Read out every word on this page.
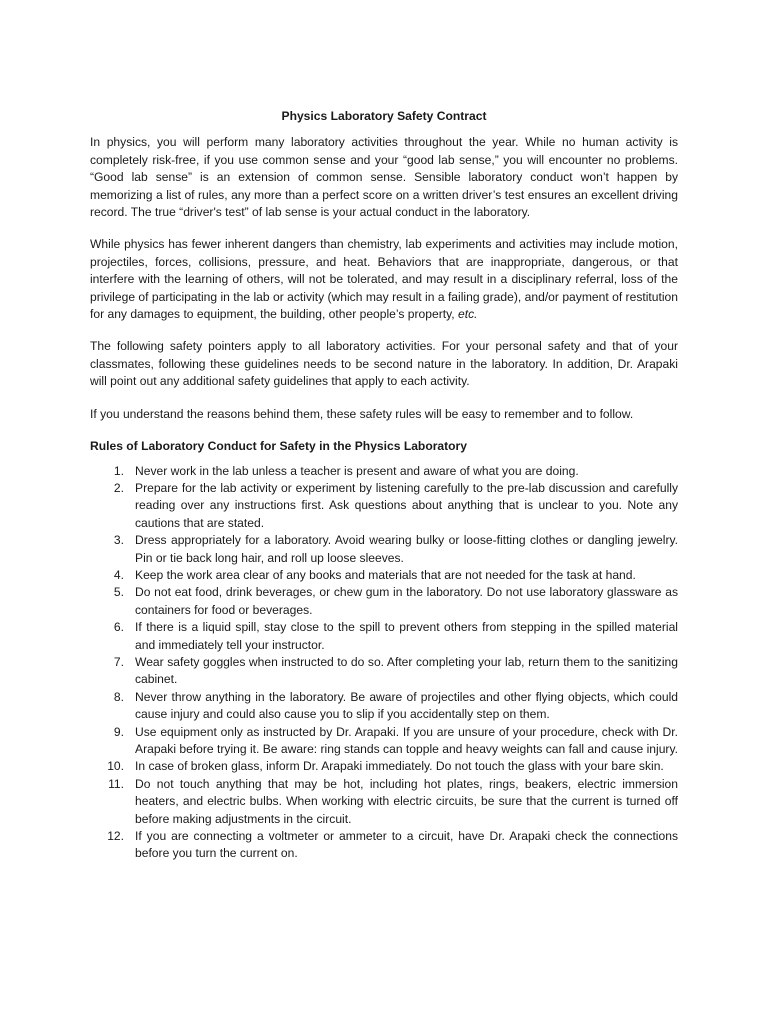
Physics Laboratory Safety Contract

In physics, you will perform many laboratory activities throughout the year. While no human activity is completely risk-free, if you use common sense and your “good lab sense,” you will encounter no problems. “Good lab sense” is an extension of common sense. Sensible laboratory conduct won’t happen by memorizing a list of rules, any more than a perfect score on a written driver’s test ensures an excellent driving record. The true “driver's test” of lab sense is your actual conduct in the laboratory.

While physics has fewer inherent dangers than chemistry, lab experiments and activities may include motion, projectiles, forces, collisions, pressure, and heat. Behaviors that are inappropriate, dangerous, or that interfere with the learning of others, will not be tolerated, and may result in a disciplinary referral, loss of the privilege of participating in the lab or activity (which may result in a failing grade), and/or payment of restitution for any damages to equipment, the building, other people’s property, etc.

The following safety pointers apply to all laboratory activities. For your personal safety and that of your classmates, following these guidelines needs to be second nature in the laboratory. In addition, Dr. Arapaki will point out any additional safety guidelines that apply to each activity.

If you understand the reasons behind them, these safety rules will be easy to remember and to follow.

Rules of Laboratory Conduct for Safety in the Physics Laboratory
1. Never work in the lab unless a teacher is present and aware of what you are doing.
2. Prepare for the lab activity or experiment by listening carefully to the pre-lab discussion and carefully reading over any instructions first. Ask questions about anything that is unclear to you. Note any cautions that are stated.
3. Dress appropriately for a laboratory. Avoid wearing bulky or loose-fitting clothes or dangling jewelry. Pin or tie back long hair, and roll up loose sleeves.
4. Keep the work area clear of any books and materials that are not needed for the task at hand.
5. Do not eat food, drink beverages, or chew gum in the laboratory. Do not use laboratory glassware as containers for food or beverages.
6. If there is a liquid spill, stay close to the spill to prevent others from stepping in the spilled material and immediately tell your instructor.
7. Wear safety goggles when instructed to do so. After completing your lab, return them to the sanitizing cabinet.
8. Never throw anything in the laboratory. Be aware of projectiles and other flying objects, which could cause injury and could also cause you to slip if you accidentally step on them.
9. Use equipment only as instructed by Dr. Arapaki. If you are unsure of your procedure, check with Dr. Arapaki before trying it. Be aware: ring stands can topple and heavy weights can fall and cause injury.
10. In case of broken glass, inform Dr. Arapaki immediately. Do not touch the glass with your bare skin.
11. Do not touch anything that may be hot, including hot plates, rings, beakers, electric immersion heaters, and electric bulbs. When working with electric circuits, be sure that the current is turned off before making adjustments in the circuit.
12. If you are connecting a voltmeter or ammeter to a circuit, have Dr. Arapaki check the connections before you turn the current on.
